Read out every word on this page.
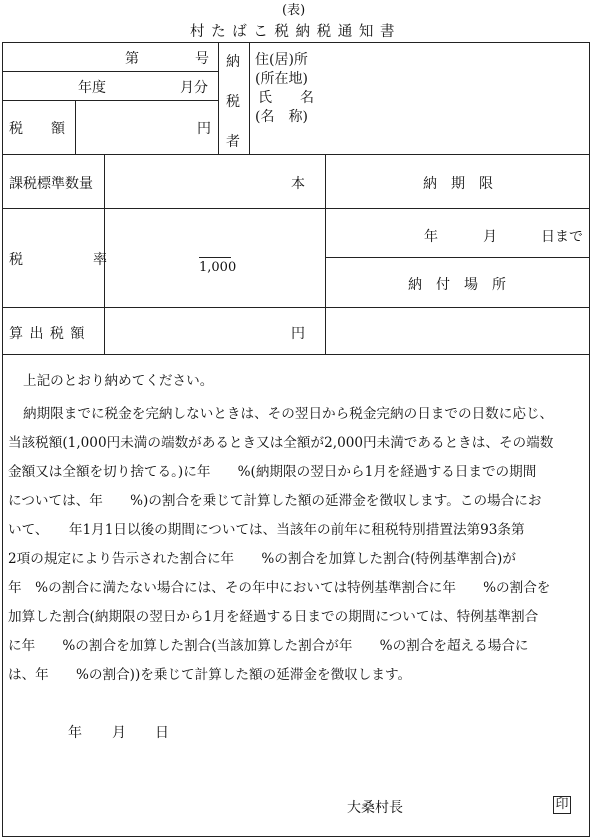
(表)
村 た ば こ 税 納 税 通 知 書
第	号
年度	月分
税　　額	円
納
税
者
住(居)所
(所在地)
氏　　名
(名　称)
課税標準数量	本	納　期　限
税　　　　　率	1,000
年	月	日まで
納　付　場　所
算 出 税 額	円
上記のとおり納めてください。
納期限までに税金を完納しないときは、その翌日から税金完納の日までの日数に応じ、
当該税額(1,000円未満の端数があるとき又は全額が2,000円未満であるときは、その端数
金額又は全額を切り捨てる。)に年　　%(納期限の翌日から1月を経過する日までの期間
については、年　　%)の割合を乗じて計算した額の延滞金を徴収します。この場合にお
いて、　　年1月1日以後の期間については、当該年の前年に租税特別措置法第93条第
2項の規定により告示された割合に年　　%の割合を加算した割合(特例基準割合)が
年　%の割合に満たない場合には、その年中においては特例基準割合に年　　%の割合を
加算した割合(納期限の翌日から1月を経過する日までの期間については、特例基準割合
に年　　%の割合を加算した割合(当該加算した割合が年　　%の割合を超える場合に
は、年　　%の割合))を乗じて計算した額の延滞金を徴収します。
年 月 日
大桑村長	印
